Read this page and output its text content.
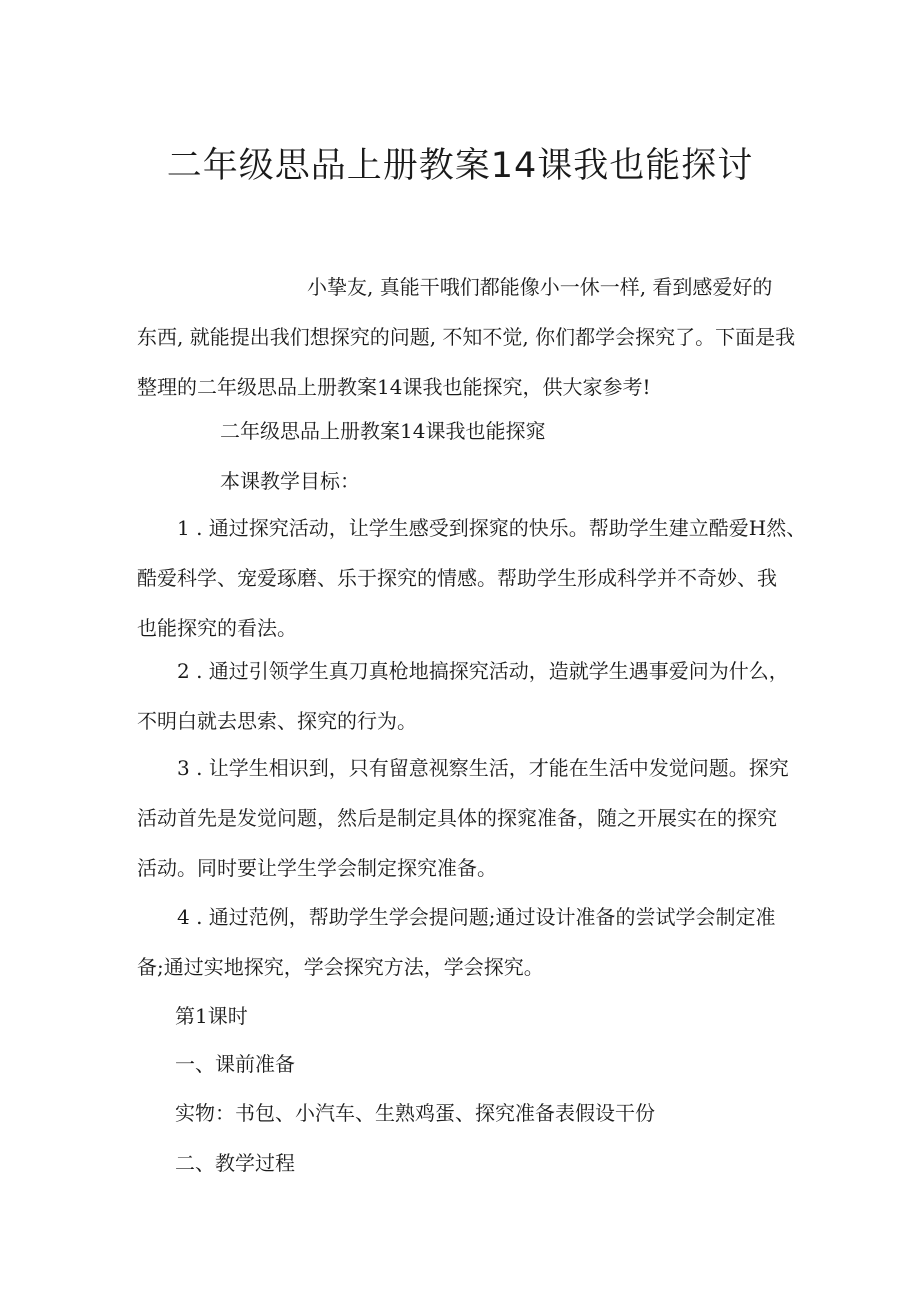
二年级思品上册教案14课我也能探讨
小挚友, 真能干哦们都能像小一休一样, 看到感爱好的
东西, 就能提出我们想探究的问题, 不知不觉, 你们都学会探究了。下面是我
整理的二年级思品上册教案14课我也能探究，供大家参考!
二年级思品上册教案14课我也能探窕
本课教学目标：
1 . 通过探究活动，让学生感受到探窕的快乐。帮助学生建立酷爱H然、
酷爱科学、宠爱琢磨、乐于探究的情感。帮助学生形成科学并不奇妙、我
也能探究的看法。
2 . 通过引领学生真刀真枪地搞探究活动，造就学生遇事爱问为什么，
不明白就去思索、探究的行为。
3 . 让学生相识到，只有留意视察生活，才能在生活中发觉问题。探究
活动首先是发觉问题，然后是制定具体的探窕准备，随之开展实在的探究
活动。同时要让学生学会制定探究准备。
4 . 通过范例，帮助学生学会提问题;通过设计准备的尝试学会制定准
备;通过实地探究，学会探究方法，学会探究。
第1课时
一、课前准备
实物：书包、小汽车、生熟鸡蛋、探究准备表假设干份
二、教学过程
